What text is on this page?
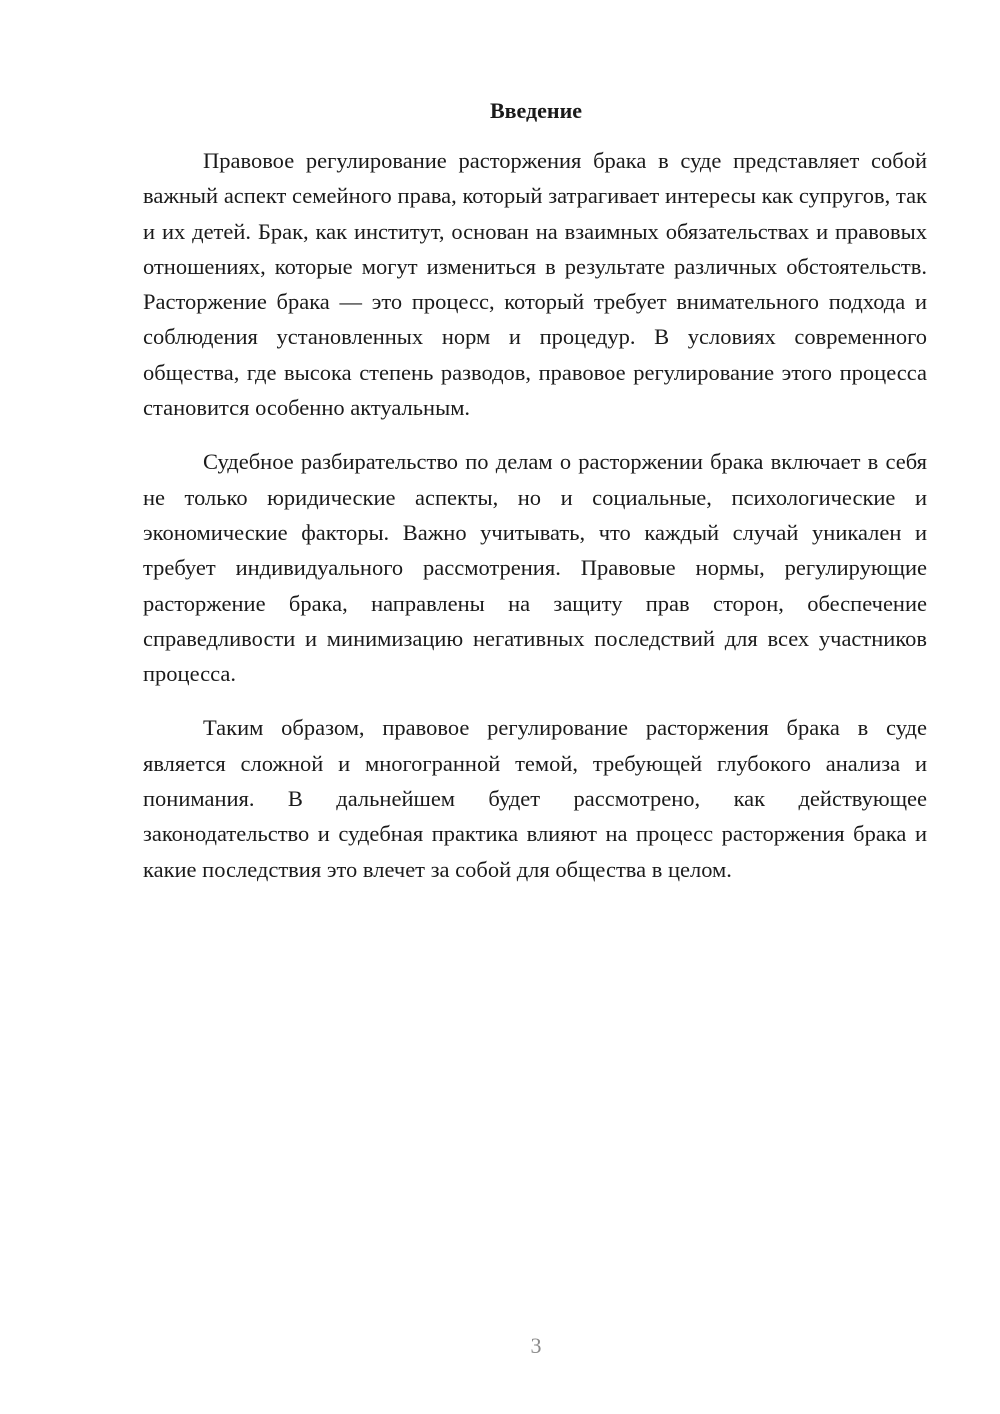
Введение

Правовое регулирование расторжения брака в суде представляет собой важный аспект семейного права, который затрагивает интересы как супругов, так и их детей. Брак, как институт, основан на взаимных обязательствах и правовых отношениях, которые могут измениться в результате различных обстоятельств. Расторжение брака — это процесс, который требует внимательного подхода и соблюдения установленных норм и процедур. В условиях современного общества, где высока степень разводов, правовое регулирование этого процесса становится особенно актуальным.

Судебное разбирательство по делам о расторжении брака включает в себя не только юридические аспекты, но и социальные, психологические и экономические факторы. Важно учитывать, что каждый случай уникален и требует индивидуального рассмотрения. Правовые нормы, регулирующие расторжение брака, направлены на защиту прав сторон, обеспечение справедливости и минимизацию негативных последствий для всех участников процесса.

Таким образом, правовое регулирование расторжения брака в суде является сложной и многогранной темой, требующей глубокого анализа и понимания. В дальнейшем будет рассмотрено, как действующее законодательство и судебная практика влияют на процесс расторжения брака и какие последствия это влечет за собой для общества в целом.

3
